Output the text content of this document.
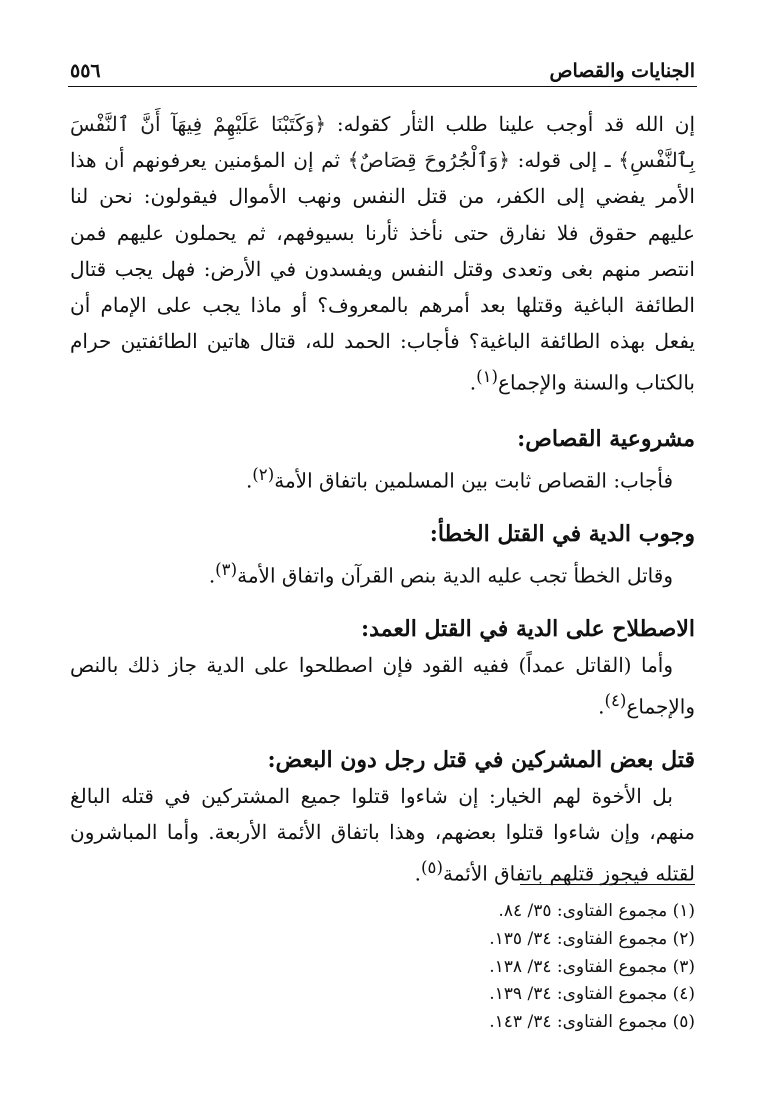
٥٥٦	الجنايات والقصاص

إن الله قد أوجب علينا طلب الثأر كقوله: ﴿وَكَتَبْنَا عَلَيْهِمْ فِيهَآ أَنَّ ٱلنَّفْسَ بِٱلنَّفْسِ﴾ ـ إلى قوله: ﴿وَٱلْجُرُوحَ قِصَاصٌ﴾ ثم إن المؤمنين يعرفونهم أن هذا الأمر يفضي إلى الكفر، من قتل النفس ونهب الأموال فيقولون: نحن لنا عليهم حقوق فلا نفارق حتى نأخذ ثأرنا بسيوفهم، ثم يحملون عليهم فمن انتصر منهم بغى وتعدى وقتل النفس ويفسدون في الأرض: فهل يجب قتال الطائفة الباغية وقتلها بعد أمرهم بالمعروف؟ أو ماذا يجب على الإمام أن يفعل بهذه الطائفة الباغية؟ فأجاب: الحمد لله، قتال هاتين الطائفتين حرام بالكتاب والسنة والإجماع$^{(١)}$.

مشروعية القصاص:

فأجاب: القصاص ثابت بين المسلمين باتفاق الأمة$^{(٢)}$.

وجوب الدية في القتل الخطأ:

وقاتل الخطأ تجب عليه الدية بنص القرآن واتفاق الأمة$^{(٣)}$.

الاصطلاح على الدية في القتل العمد:

وأما (القاتل عمداً) ففيه القود فإن اصطلحوا على الدية جاز ذلك بالنص والإجماع$^{(٤)}$.

قتل بعض المشركين في قتل رجل دون البعض:

بل الأخوة لهم الخيار: إن شاءوا قتلوا جميع المشتركين في قتله البالغ منهم، وإن شاءوا قتلوا بعضهم، وهذا باتفاق الأئمة الأربعة. وأما المباشرون لقتله فيجوز قتلهم باتفاق الأئمة$^{(٥)}$.

(١) مجموع الفتاوى: ٣٥/ ٨٤.
(٢) مجموع الفتاوى: ٣٤/ ١٣٥.
(٣) مجموع الفتاوى: ٣٤/ ١٣٨.
(٤) مجموع الفتاوى: ٣٤/ ١٣٩.
(٥) مجموع الفتاوى: ٣٤/ ١٤٣.
